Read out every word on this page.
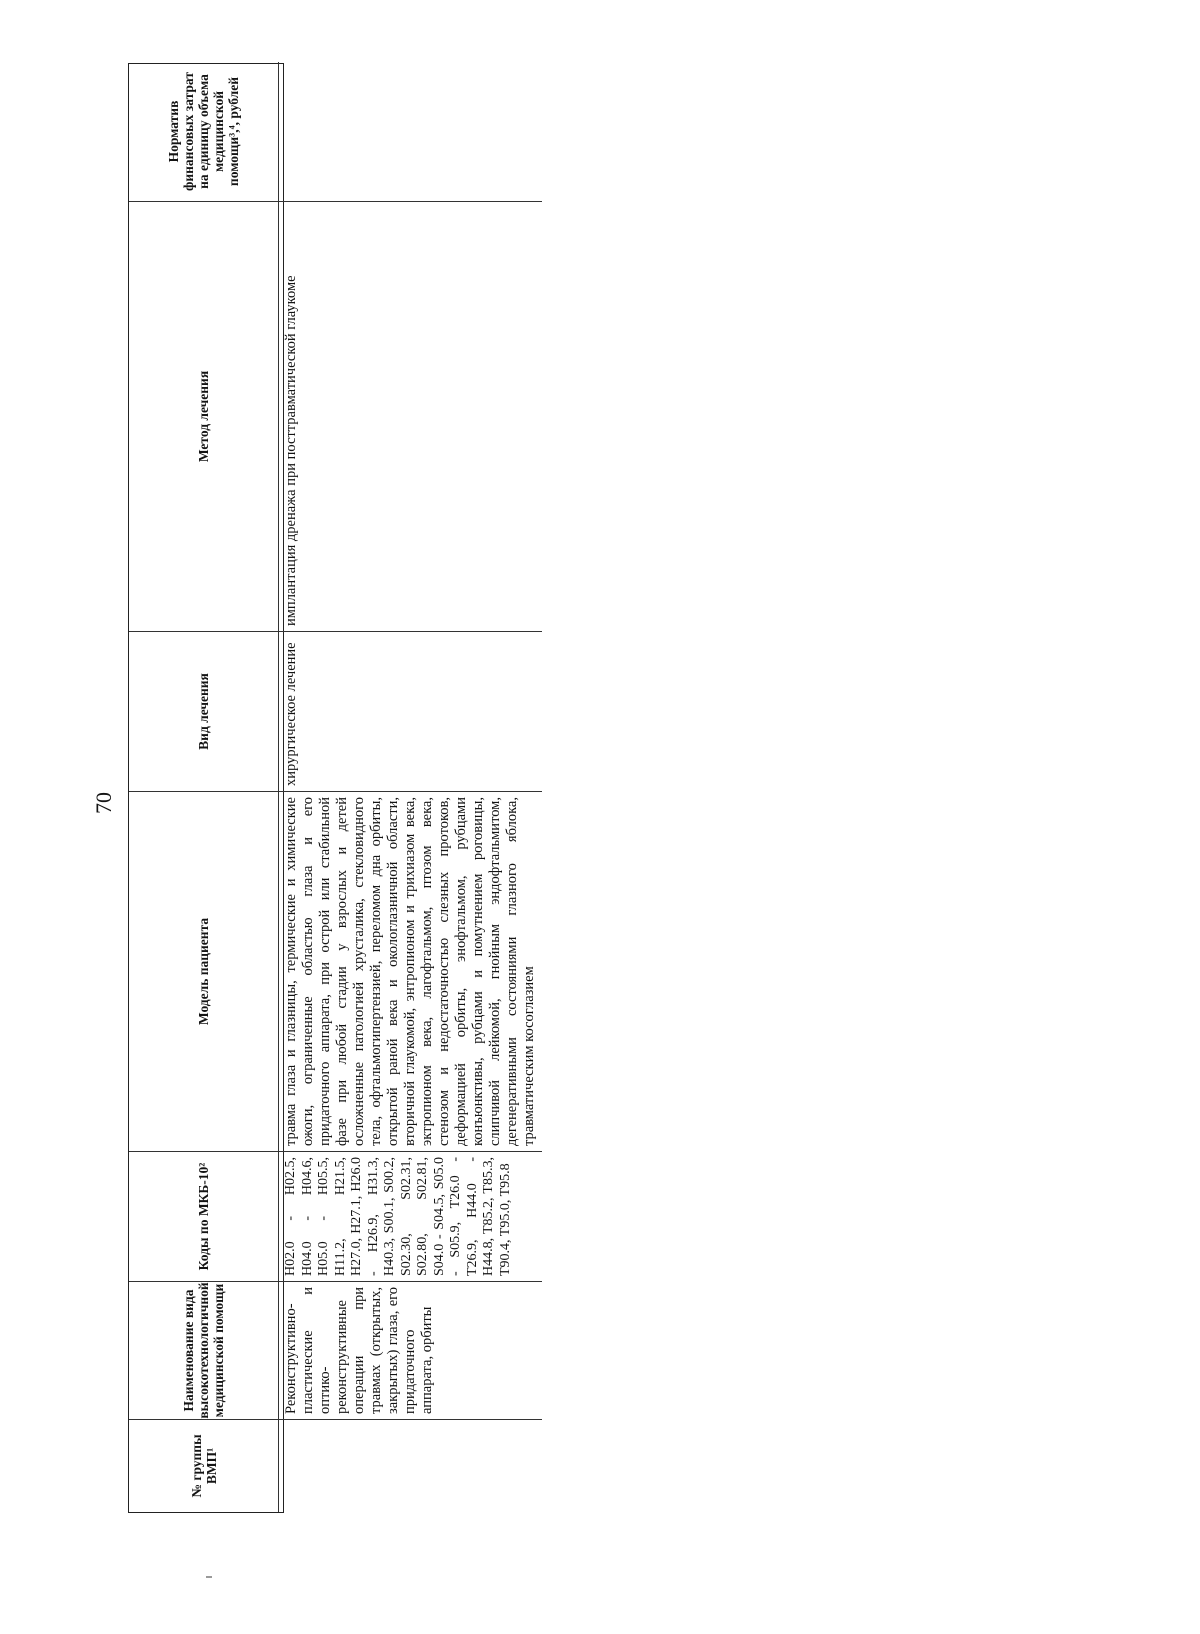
70
№ группы ВМП¹
Наименование вида высокотехнологичной медицинской помощи
Коды по МКБ-10²
Модель пациента
Вид лечения
Метод лечения
Норматив финансовых затрат на единицу объема медицинской помощи³,⁴, рублей
Реконструктивно-пластические и оптико-реконструктивные операции при травмах (открытых, закрытых) глаза, его придаточного аппарата, орбиты
H02.0 - H02.5, H04.0 - H04.6, H05.0 - H05.5, H11.2, H21.5, H27.0, H27.1, H26.0 - H26.9, H31.3, H40.3, S00.1, S00.2, S02.30, S02.31, S02.80, S02.81, S04.0 - S04.5, S05.0 - S05.9, T26.0 - T26.9, H44.0 - H44.8, T85.2, T85.3, T90.4, T95.0, T95.8
травма глаза и глазницы, термические и химические ожоги, ограниченные областью глаза и его придаточного аппарата, при острой или стабильной фазе при любой стадии у взрослых и детей осложненные патологией хрусталика, стекловидного тела, офтальмогипертензией, переломом дна орбиты, открытой раной века и окологлазничной области, вторичной глаукомой, энтропионом и трихиазом века, эктропионом века, лагофтальмом, птозом века, стенозом и недостаточностью слезных протоков, деформацией орбиты, энофтальмом, рубцами конъюнктивы, рубцами и помутнением роговицы, слипчивой лейкомой, гнойным эндофтальмитом, дегенеративными состояниями глазного яблока, травматическим косоглазием
хирургическое лечение
имплантация дренажа при посттравматической глаукоме
